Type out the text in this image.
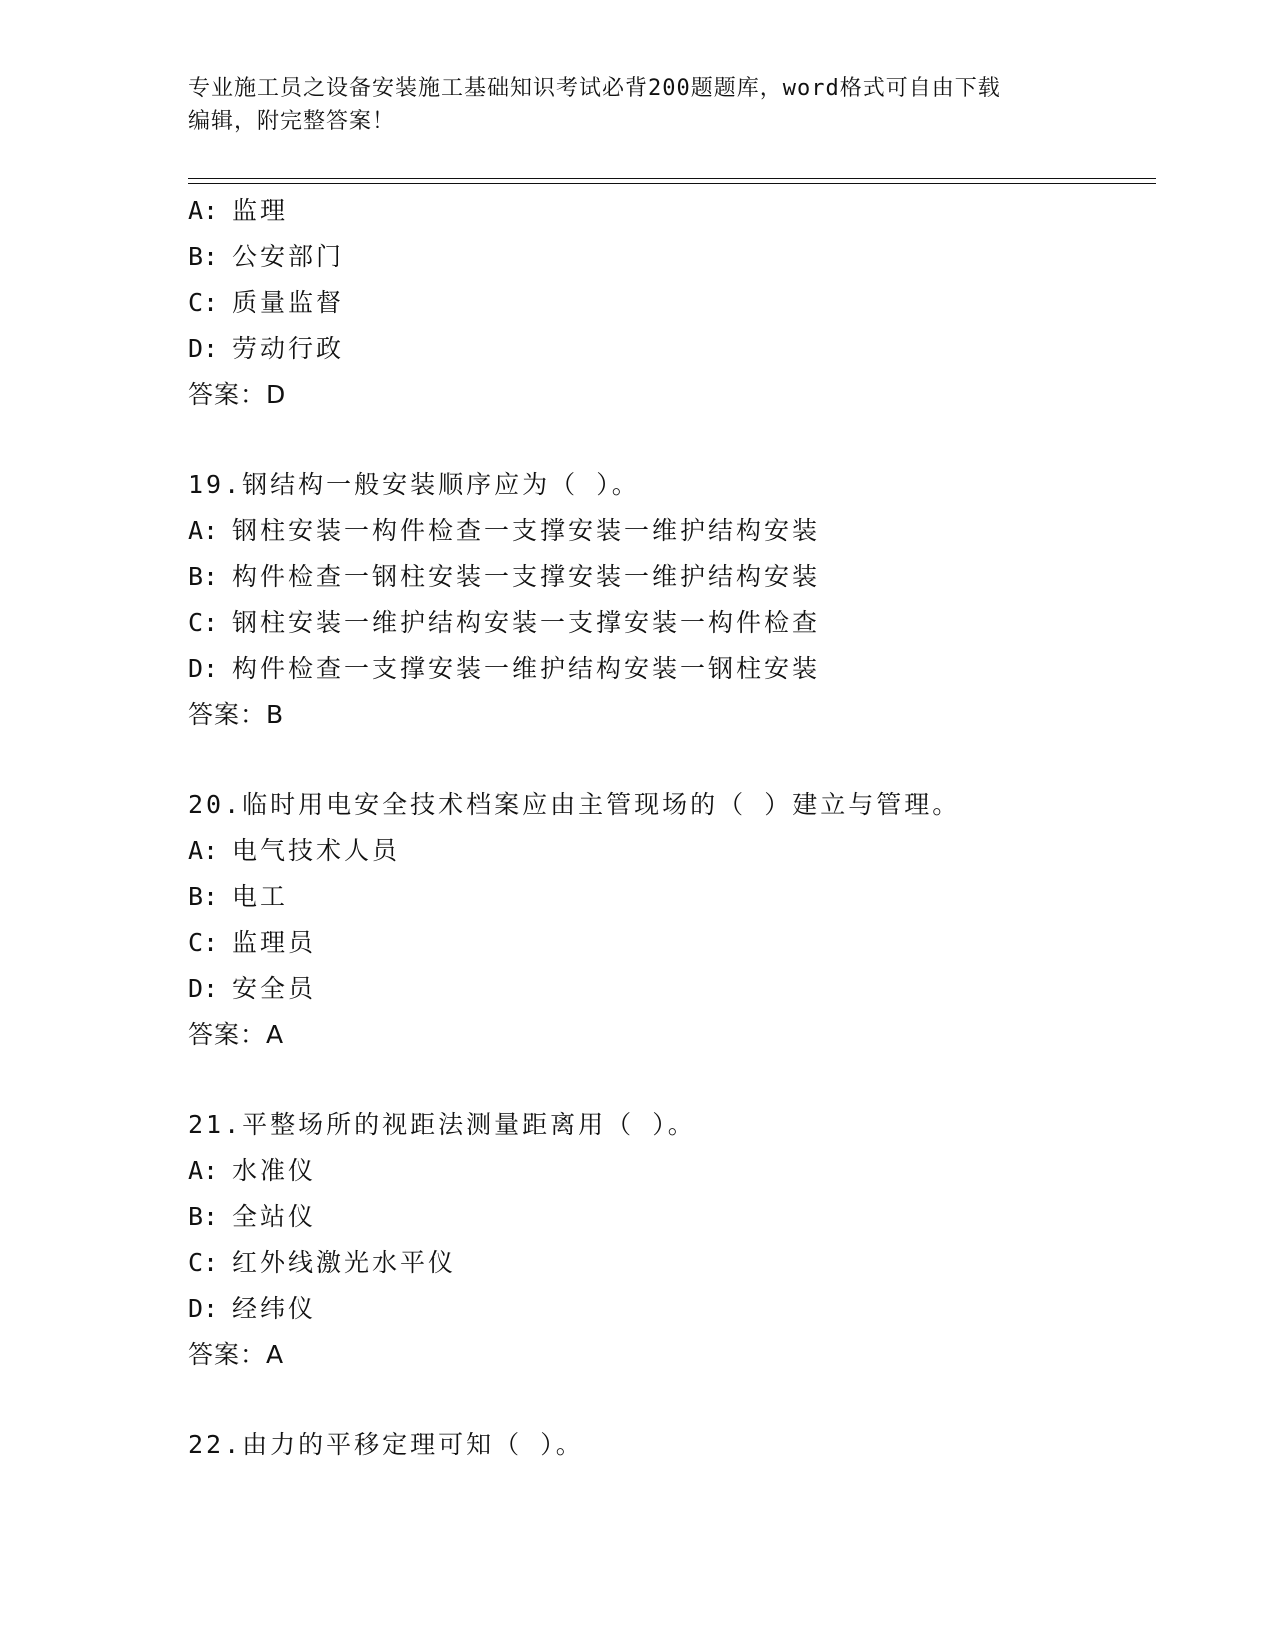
专业施工员之设备安装施工基础知识考试必背200题题库，word格式可自由下载
编辑，附完整答案！
A: 监理
B: 公安部门
C: 质量监督
D: 劳动行政
答案：D
19.钢结构一般安装顺序应为（ ）。
A: 钢柱安装一构件检查一支撑安装一维护结构安装
B: 构件检查一钢柱安装一支撑安装一维护结构安装
C: 钢柱安装一维护结构安装一支撑安装一构件检查
D: 构件检查一支撑安装一维护结构安装一钢柱安装
答案：B
20.临时用电安全技术档案应由主管现场的（ ）建立与管理。
A: 电气技术人员
B: 电工
C: 监理员
D: 安全员
答案：A
21.平整场所的视距法测量距离用（ ）。
A: 水准仪
B: 全站仪
C: 红外线激光水平仪
D: 经纬仪
答案：A
22.由力的平移定理可知（ ）。
